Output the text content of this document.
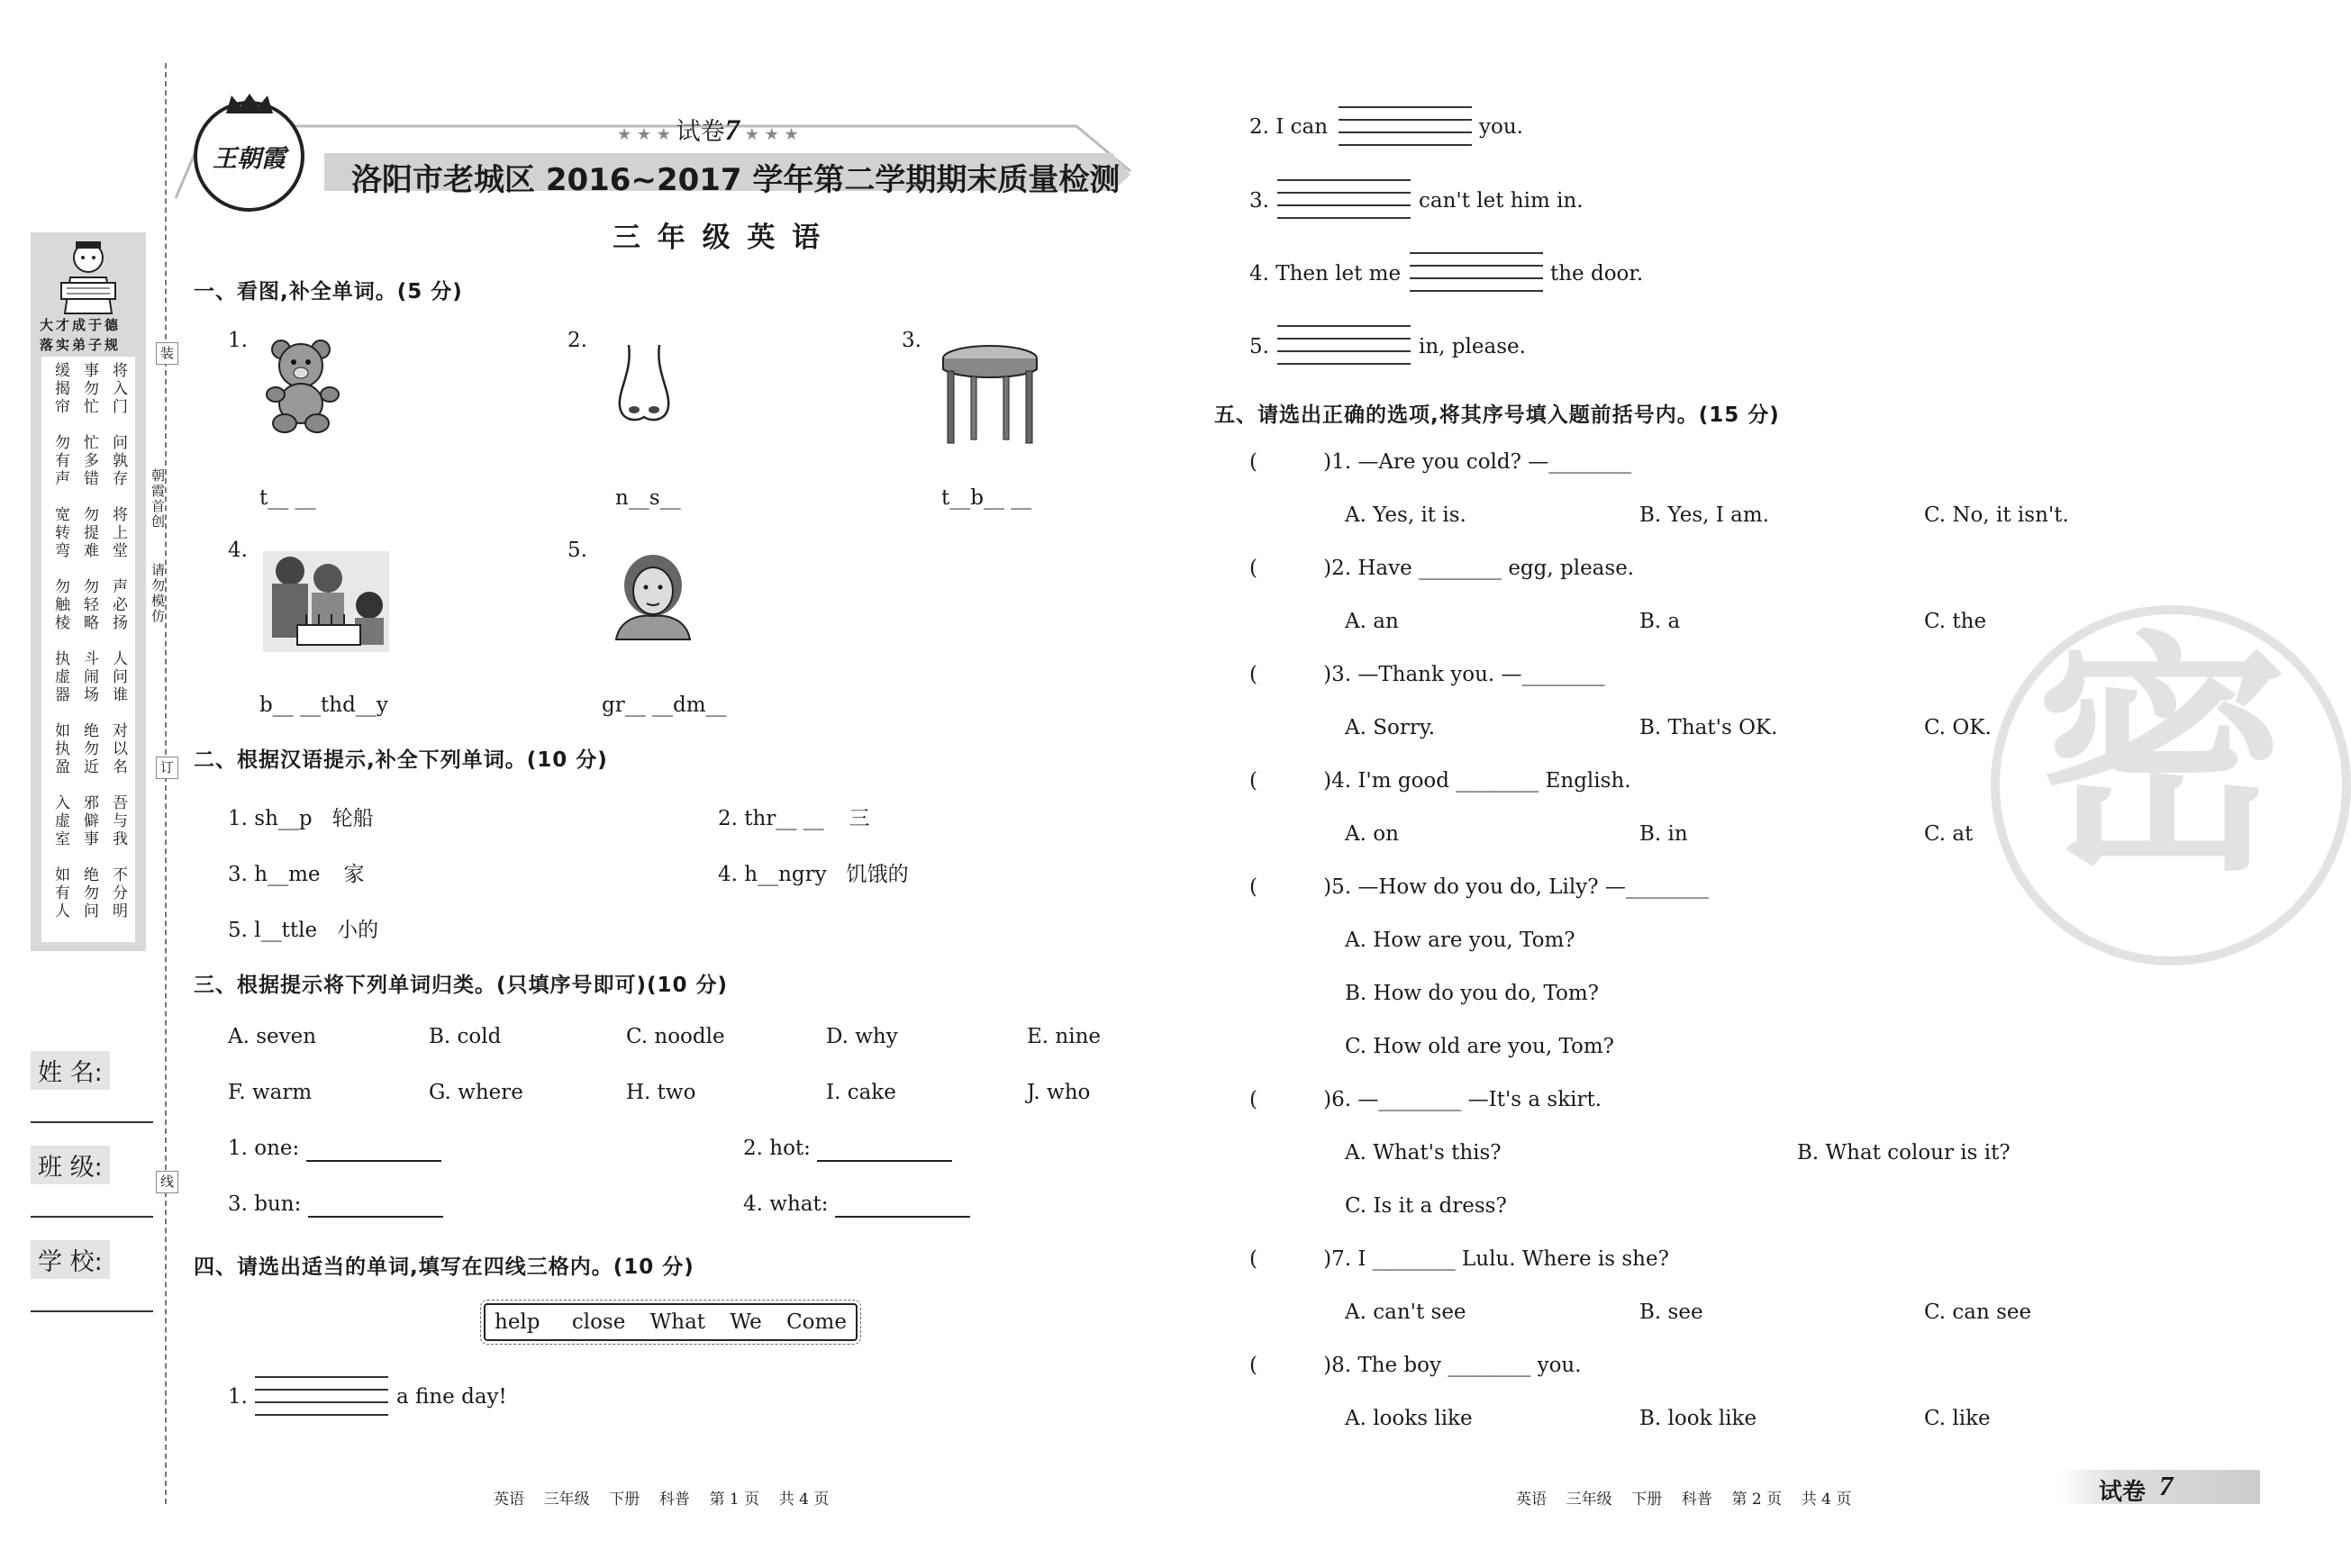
装
订
线
朝霞首创
请勿模仿
大才成于德
落实弟子规
将入门
事勿忙
缓揭帘
问孰存
忙多错
勿有声
将上堂
勿提难
宽转弯
声必扬
勿轻略
勿触棱
人问谁
斗闹场
执虚器
对以名
绝勿近
如执盈
吾与我
邪僻事
入虚室
不分明
绝勿问
如有人
姓 名:
班 级:
学 校:
王朝霞
★ ★ ★ 试卷7 ★ ★ ★
洛阳市老城区 2016~2017 学年第二学期期末质量检测
三 年 级 英 语
一、看图,补全单词。(5 分)
1.
t__ __
2.
n__s__
3.
t__b__ __
4.
b__ __thd__y
5.
gr__ __dm__
二、根据汉语提示,补全下列单词。(10 分)
1. sh__p 轮船	2. thr__ __ 三
3. h__me 家	4. h__ngry 饥饿的
5. l__ttle 小的
三、根据提示将下列单词归类。(只填序号即可)(10 分)
A. seven	B. cold	C. noodle	D. why	E. nine
F. warm	G. where	H. two	I. cake	J. who
1. one:	2. hot:
3. bun:	4. what:
四、请选出适当的单词,填写在四线三格内。(10 分)
help close What We Come
1.	a fine day!
2. I can	you.
3.	can't let him in.
4. Then let me	the door.
5.	in, please.
五、请选出正确的选项,将其序号填入题前括号内。(15 分)
(          )1. —Are you cold? —________
A. Yes, it is.	B. Yes, I am.	C. No, it isn't.
(          )2. Have ________ egg, please.
A. an	B. a	C. the
(          )3. —Thank you. —________
A. Sorry.	B. That's OK.	C. OK.
(          )4. I'm good ________ English.
A. on	B. in	C. at
(          )5. —How do you do, Lily? —________
A. How are you, Tom?
B. How do you do, Tom?
C. How old are you, Tom?
(          )6. —________ —It's a skirt.
A. What's this?	B. What colour is it?
C. Is it a dress?
(          )7. I ________ Lulu. Where is she?
A. can't see	B. see	C. can see
(          )8. The boy ________ you.
A. looks like	B. look like	C. like
密
英语    三年级    下册    科普    第 1 页    共 4 页	英语    三年级    下册    科普    第 2 页    共 4 页	试卷 7
